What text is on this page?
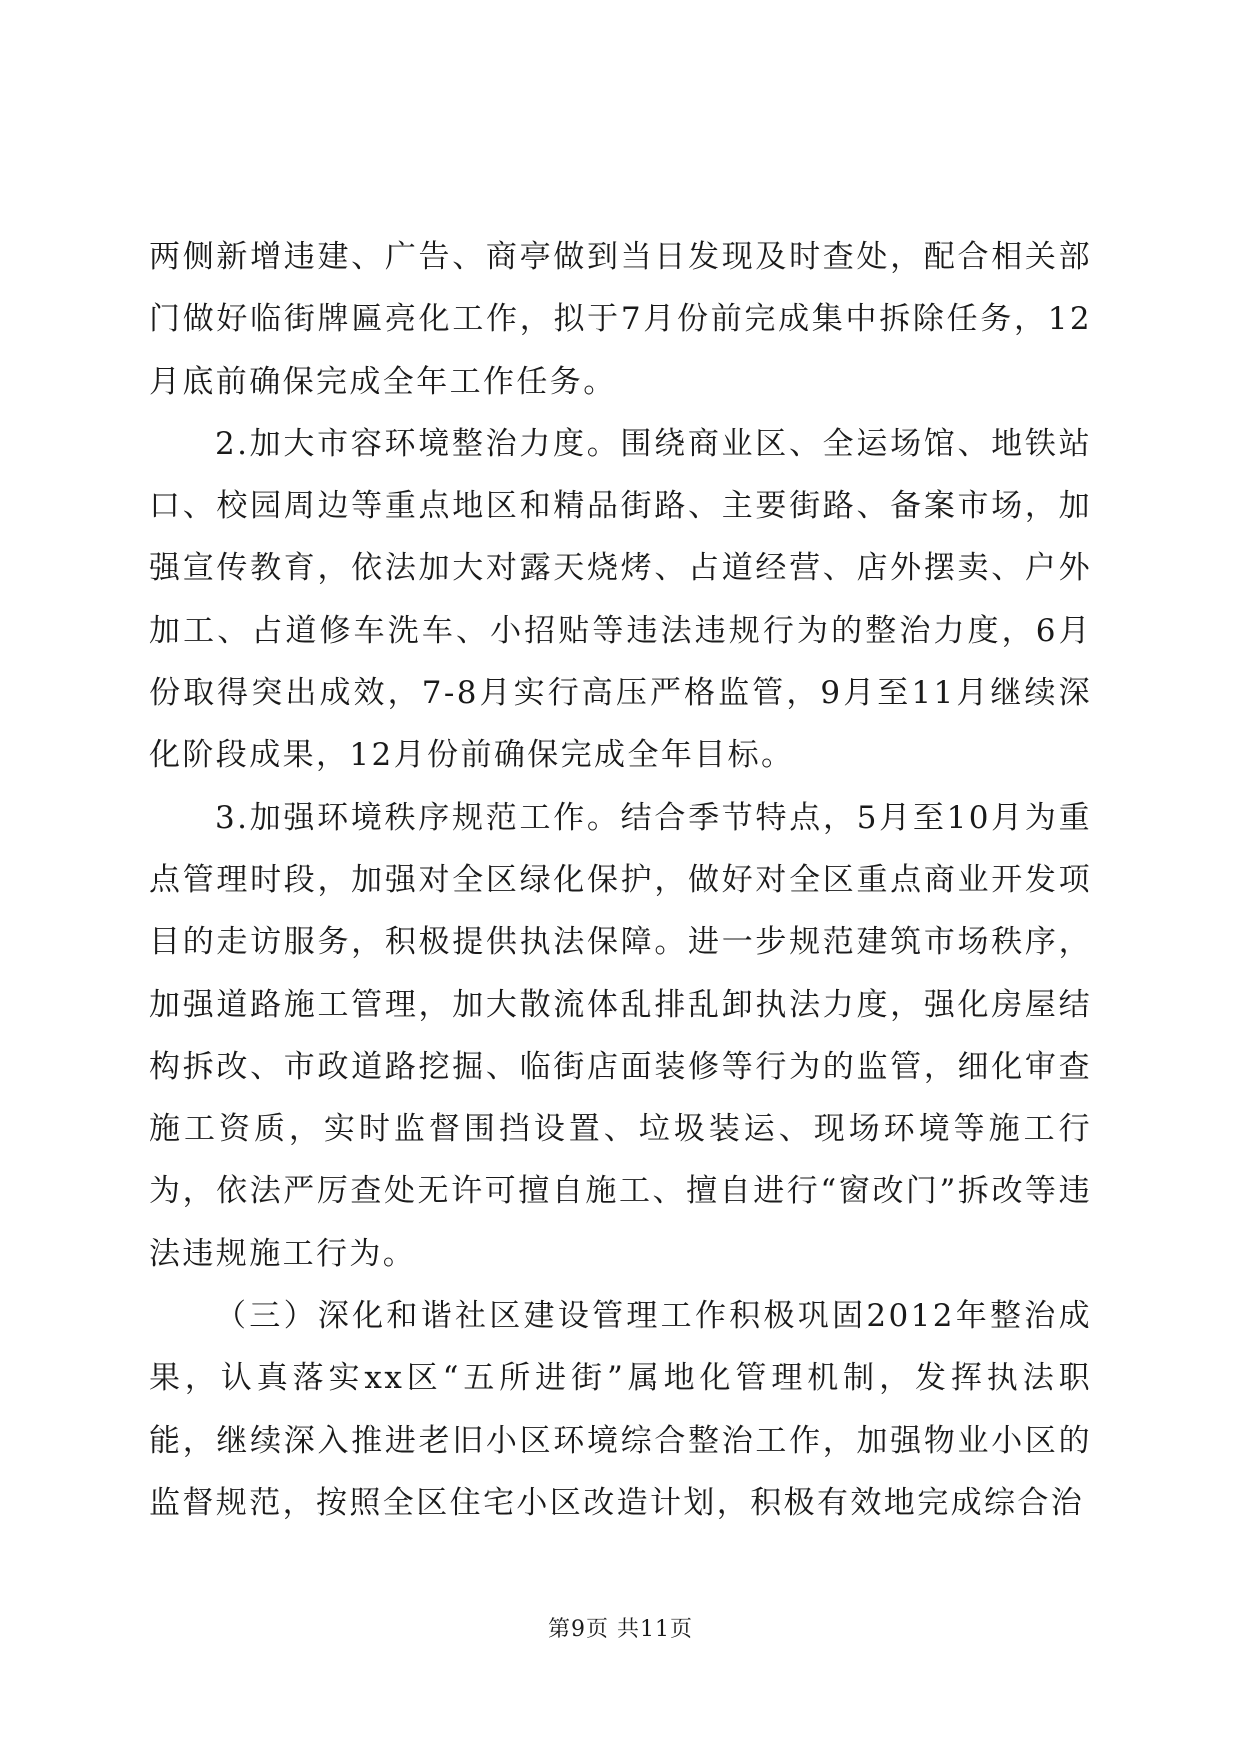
两侧新增违建、广告、商亭做到当日发现及时查处，配合相关部门做好临街牌匾亮化工作，拟于7月份前完成集中拆除任务，12月底前确保完成全年工作任务。

2.加大市容环境整治力度。围绕商业区、全运场馆、地铁站口、校园周边等重点地区和精品街路、主要街路、备案市场，加强宣传教育，依法加大对露天烧烤、占道经营、店外摆卖、户外加工、占道修车洗车、小招贴等违法违规行为的整治力度，6月份取得突出成效，7-8月实行高压严格监管，9月至11月继续深化阶段成果，12月份前确保完成全年目标。

3.加强环境秩序规范工作。结合季节特点，5月至10月为重点管理时段，加强对全区绿化保护，做好对全区重点商业开发项目的走访服务，积极提供执法保障。进一步规范建筑市场秩序，加强道路施工管理，加大散流体乱排乱卸执法力度，强化房屋结构拆改、市政道路挖掘、临街店面装修等行为的监管，细化审查施工资质，实时监督围挡设置、垃圾装运、现场环境等施工行为，依法严厉查处无许可擅自施工、擅自进行“窗改门”拆改等违法违规施工行为。

（三）深化和谐社区建设管理工作积极巩固2012年整治成果，认真落实xx区“五所进街”属地化管理机制，发挥执法职能，继续深入推进老旧小区环境综合整治工作，加强物业小区的监督规范，按照全区住宅小区改造计划，积极有效地完成综合治

第9页 共11页
